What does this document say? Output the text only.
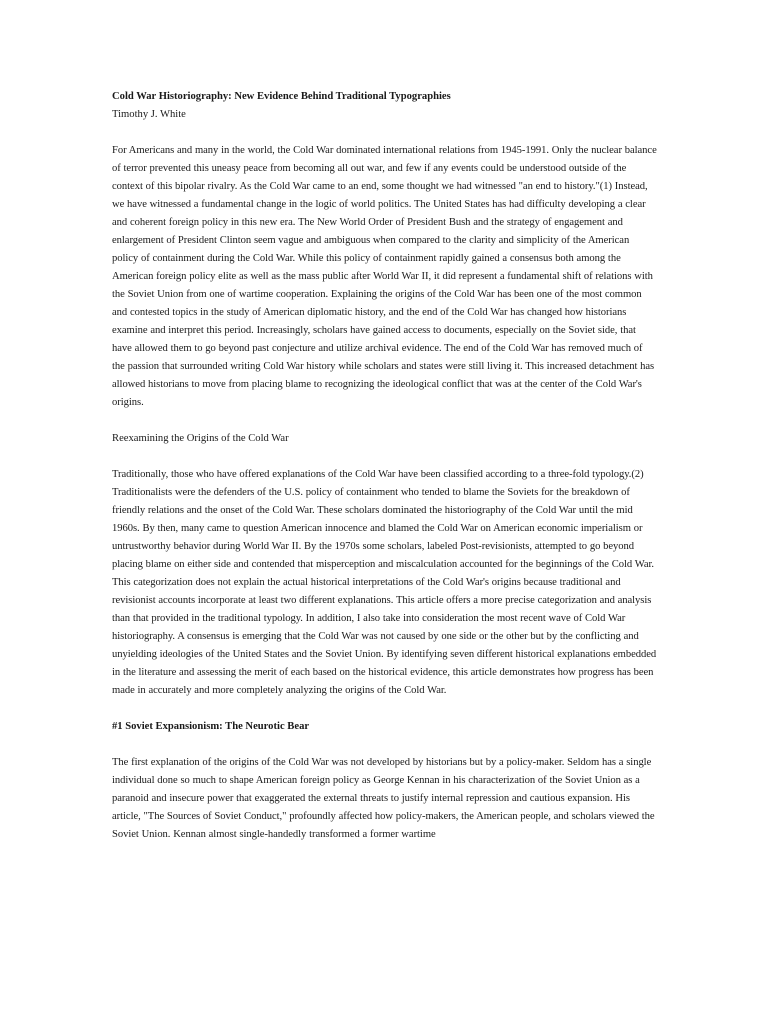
Cold War Historiography: New Evidence Behind Traditional Typographies

Timothy J. White

For Americans and many in the world, the Cold War dominated international relations from 1945-1991. Only the nuclear balance of terror prevented this uneasy peace from becoming all out war, and few if any events could be understood outside of the context of this bipolar rivalry. As the Cold War came to an end, some thought we had witnessed "an end to history."(1) Instead, we have witnessed a fundamental change in the logic of world politics. The United States has had difficulty developing a clear and coherent foreign policy in this new era. The New World Order of President Bush and the strategy of engagement and enlargement of President Clinton seem vague and ambiguous when compared to the clarity and simplicity of the American policy of containment during the Cold War. While this policy of containment rapidly gained a consensus both among the American foreign policy elite as well as the mass public after World War II, it did represent a fundamental shift of relations with the Soviet Union from one of wartime cooperation. Explaining the origins of the Cold War has been one of the most common and contested topics in the study of American diplomatic history, and the end of the Cold War has changed how historians examine and interpret this period. Increasingly, scholars have gained access to documents, especially on the Soviet side, that have allowed them to go beyond past conjecture and utilize archival evidence. The end of the Cold War has removed much of the passion that surrounded writing Cold War history while scholars and states were still living it. This increased detachment has allowed historians to move from placing blame to recognizing the ideological conflict that was at the center of the Cold War's origins.

Reexamining the Origins of the Cold War

Traditionally, those who have offered explanations of the Cold War have been classified according to a three-fold typology.(2) Traditionalists were the defenders of the U.S. policy of containment who tended to blame the Soviets for the breakdown of friendly relations and the onset of the Cold War. These scholars dominated the historiography of the Cold War until the mid 1960s. By then, many came to question American innocence and blamed the Cold War on American economic imperialism or untrustworthy behavior during World War II. By the 1970s some scholars, labeled Post-revisionists, attempted to go beyond placing blame on either side and contended that misperception and miscalculation accounted for the beginnings of the Cold War. This categorization does not explain the actual historical interpretations of the Cold War's origins because traditional and revisionist accounts incorporate at least two different explanations. This article offers a more precise categorization and analysis than that provided in the traditional typology. In addition, I also take into consideration the most recent wave of Cold War historiography. A consensus is emerging that the Cold War was not caused by one side or the other but by the conflicting and unyielding ideologies of the United States and the Soviet Union. By identifying seven different historical explanations embedded in the literature and assessing the merit of each based on the historical evidence, this article demonstrates how progress has been made in accurately and more completely analyzing the origins of the Cold War.

#1 Soviet Expansionism: The Neurotic Bear

The first explanation of the origins of the Cold War was not developed by historians but by a policy-maker. Seldom has a single individual done so much to shape American foreign policy as George Kennan in his characterization of the Soviet Union as a paranoid and insecure power that exaggerated the external threats to justify internal repression and cautious expansion. His article, "The Sources of Soviet Conduct," profoundly affected how policy-makers, the American people, and scholars viewed the Soviet Union. Kennan almost single-handedly transformed a former wartime
